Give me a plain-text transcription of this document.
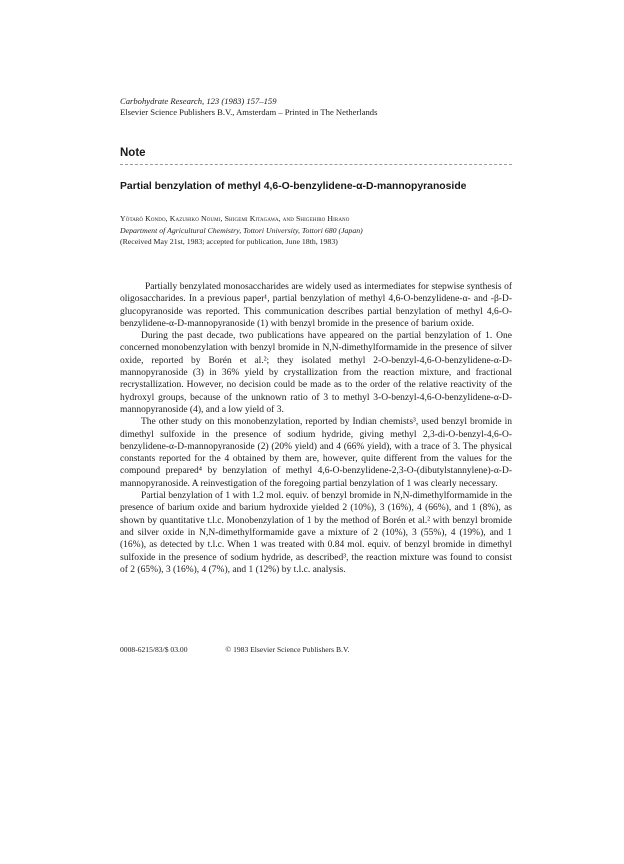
Carbohydrate Research, 123 (1983) 157–159
Elsevier Science Publishers B.V., Amsterdam – Printed in The Netherlands
Note
Partial benzylation of methyl 4,6-O-benzylidene-α-D-mannopyranoside
Yōtarō Kondo, Kazuhiko Noumi, Shigemi Kitagawa, and Shigehiro Hirano
Department of Agricultural Chemistry, Tottori University, Tottori 680 (Japan)
(Received May 21st, 1983; accepted for publication, June 18th, 1983)

Partially benzylated monosaccharides are widely used as intermediates for stepwise synthesis of oligosaccharides. In a previous paper¹, partial benzylation of methyl 4,6-O-benzylidene-α- and -β-D-glucopyranoside was reported. This communication describes partial benzylation of methyl 4,6-O-benzylidene-α-D-mannopyranoside (1) with benzyl bromide in the presence of barium oxide.

During the past decade, two publications have appeared on the partial benzylation of 1. One concerned monobenzylation with benzyl bromide in N,N-dimethylformamide in the presence of silver oxide, reported by Borén et al.²; they isolated methyl 2-O-benzyl-4,6-O-benzylidene-α-D-mannopyranoside (3) in 36% yield by crystallization from the reaction mixture, and fractional recrystallization. However, no decision could be made as to the order of the relative reactivity of the hydroxyl groups, because of the unknown ratio of 3 to methyl 3-O-benzyl-4,6-O-benzylidene-α-D-mannopyranoside (4), and a low yield of 3.

The other study on this monobenzylation, reported by Indian chemists³, used benzyl bromide in dimethyl sulfoxide in the presence of sodium hydride, giving methyl 2,3-di-O-benzyl-4,6-O-benzylidene-α-D-mannopyranoside (2) (20% yield) and 4 (66% yield), with a trace of 3. The physical constants reported for the 4 obtained by them are, however, quite different from the values for the compound prepared⁴ by benzylation of methyl 4,6-O-benzylidene-2,3-O-(dibutylstannylene)-α-D-mannopyranoside. A reinvestigation of the foregoing partial benzylation of 1 was clearly necessary.

Partial benzylation of 1 with 1.2 mol. equiv. of benzyl bromide in N,N-dimethylformamide in the presence of barium oxide and barium hydroxide yielded 2 (10%), 3 (16%), 4 (66%), and 1 (8%), as shown by quantitative t.l.c. Monobenzylation of 1 by the method of Borén et al.² with benzyl bromide and silver oxide in N,N-dimethylformamide gave a mixture of 2 (10%), 3 (55%), 4 (19%), and 1 (16%), as detected by t.l.c. When 1 was treated with 0.84 mol. equiv. of benzyl bromide in dimethyl sulfoxide in the presence of sodium hydride, as described³, the reaction mixture was found to consist of 2 (65%), 3 (16%), 4 (7%), and 1 (12%) by t.l.c. analysis.

0008-6215/83/$ 03.00	© 1983 Elsevier Science Publishers B.V.
